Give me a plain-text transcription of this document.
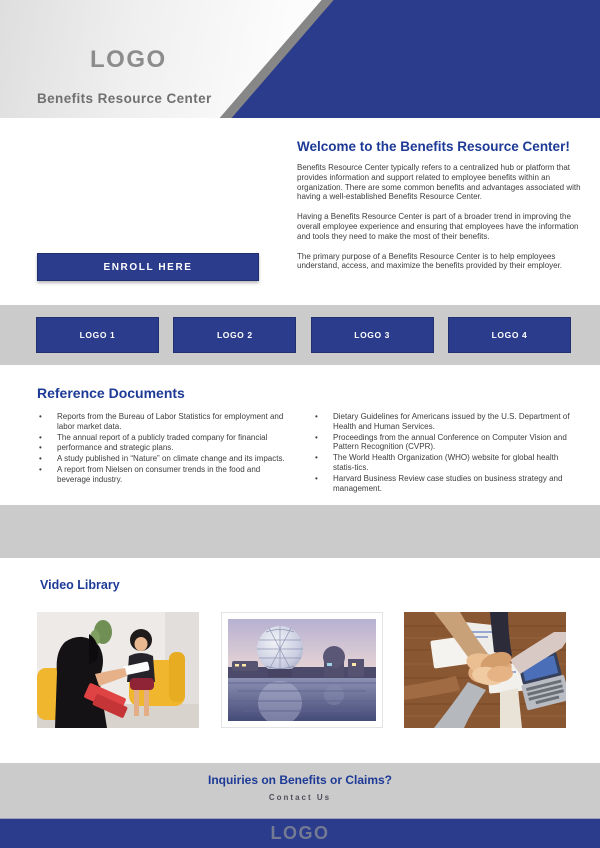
LOGO
Benefits Resource Center
Welcome to the Benefits Resource Center!

Benefits Resource Center typically refers to a centralized hub or platform that provides information and support related to employee benefits within an organization. There are some common benefits and advantages associated with having a well-established Benefits Resource Center.

Having a Benefits Resource Center is part of a broader trend in improving the overall employee experience and ensuring that employees have the information and tools they need to make the most of their benefits.

The primary purpose of a Benefits Resource Center is to help employees understand, access, and maximize the benefits provided by their employer.

ENROLL HERE
LOGO 1	LOGO 2	LOGO 3	LOGO 4
Reference Documents
• Reports from the Bureau of Labor Statistics for employment and labor market data.
• The annual report of a publicly traded company for financial
• performance and strategic plans.
• A study published in “Nature” on climate change and its impacts.
• A report from Nielsen on consumer trends in the food and beverage industry.
• Dietary Guidelines for Americans issued by the U.S. Department of Health and Human Services.
• Proceedings from the annual Conference on Computer Vision and Pattern Recognition (CVPR).
• The World Health Organization (WHO) website for global health statis-tics.
• Harvard Business Review case studies on business strategy and management.
Video Library
Inquiries on Benefits or Claims?
Contact Us
LOGO
